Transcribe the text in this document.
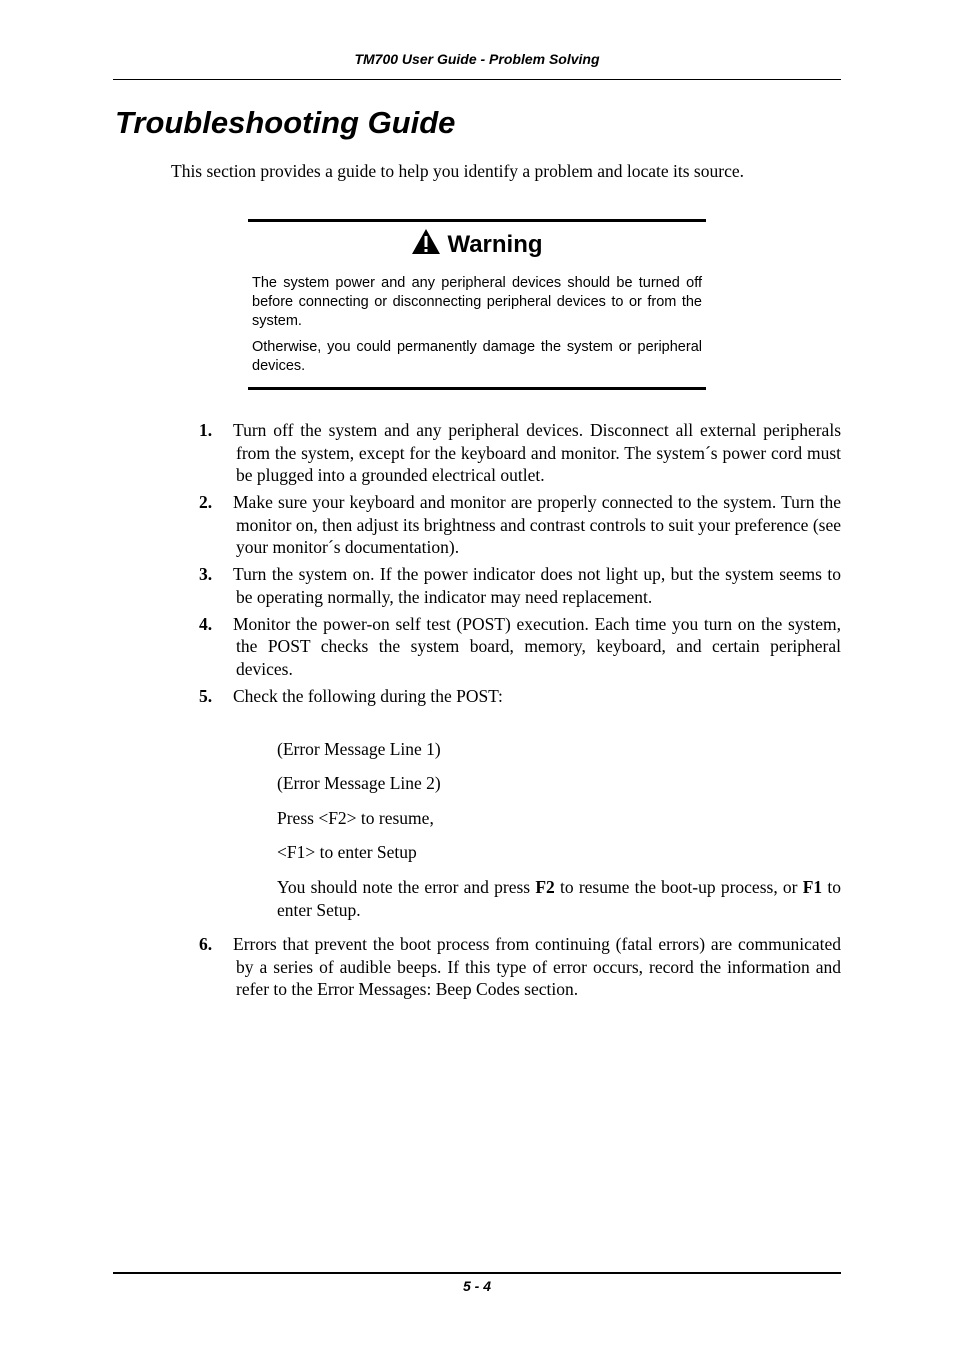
TM700 User Guide - Problem Solving
Troubleshooting Guide

This section provides a guide to help you identify a problem and locate its source.

Warning

The system power and any peripheral devices should be turned off before connecting or disconnecting peripheral devices to or from the system.

Otherwise, you could permanently damage the system or peripheral devices.

1. Turn off the system and any peripheral devices. Disconnect all external peripherals from the system, except for the keyboard and monitor. The system´s power cord must be plugged into a grounded electrical outlet.
2. Make sure your keyboard and monitor are properly connected to the system. Turn the monitor on, then adjust its brightness and contrast controls to suit your preference (see your monitor´s documentation).
3. Turn the system on. If the power indicator does not light up, but the system seems to be operating normally, the indicator may need replacement.
4. Monitor the power-on self test (POST) execution. Each time you turn on the system, the POST checks the system board, memory, keyboard, and certain peripheral devices.
5. Check the following during the POST:

(Error Message Line 1)

(Error Message Line 2)

Press <F2> to resume,

<F1> to enter Setup

You should note the error and press F2 to resume the boot-up process, or F1 to enter Setup.

6. Errors that prevent the boot process from continuing (fatal errors) are communicated by a series of audible beeps. If this type of error occurs, record the information and refer to the Error Messages: Beep Codes section.
5 - 4
